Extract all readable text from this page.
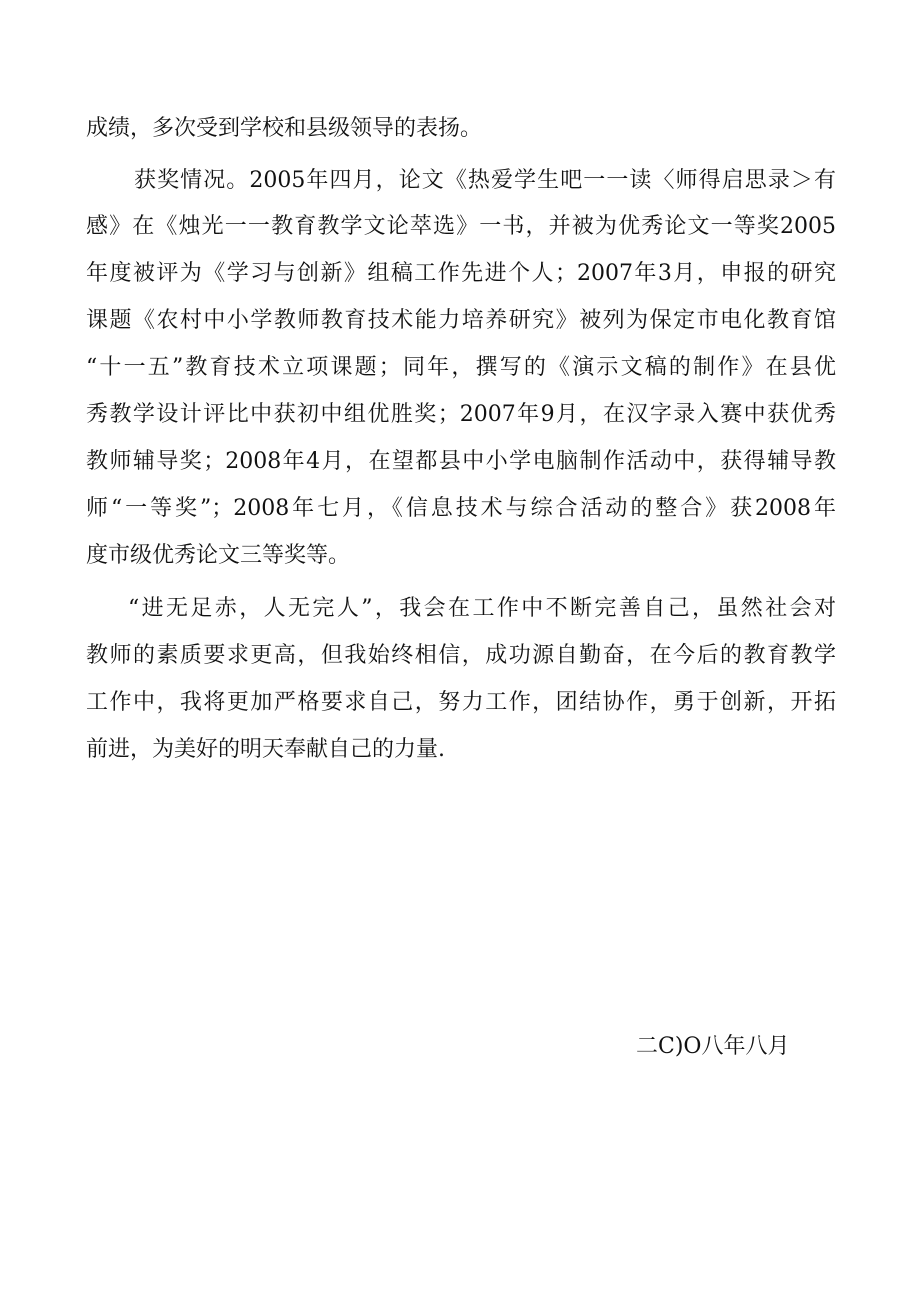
成绩，多次受到学校和县级领导的表扬。
获奖情况。2005年四月，论文《热爱学生吧一一读〈师得启思录＞有
感》在《烛光一一教育教学文论萃选》一书，并被为优秀论文一等奖2005
年度被评为《学习与创新》组稿工作先进个人；2007年3月，申报的研究
课题《农村中小学教师教育技术能力培养研究》被列为保定市电化教育馆
“十一五”教育技术立项课题；同年，撰写的《演示文稿的制作》在县优
秀教学设计评比中获初中组优胜奖；2007年9月，在汉字录入赛中获优秀
教师辅导奖；2008年4月，在望都县中小学电脑制作活动中，获得辅导教
师“一等奖”；2008年七月，《信息技术与综合活动的整合》获2008年
度市级优秀论文三等奖等。
“进无足赤，人无完人”，我会在工作中不断完善自己，虽然社会对
教师的素质要求更高，但我始终相信，成功源自勤奋，在今后的教育教学
工作中，我将更加严格要求自己，努力工作，团结协作，勇于创新，开拓
前进，为美好的明天奉献自己的力量.
二C)O八年八月
